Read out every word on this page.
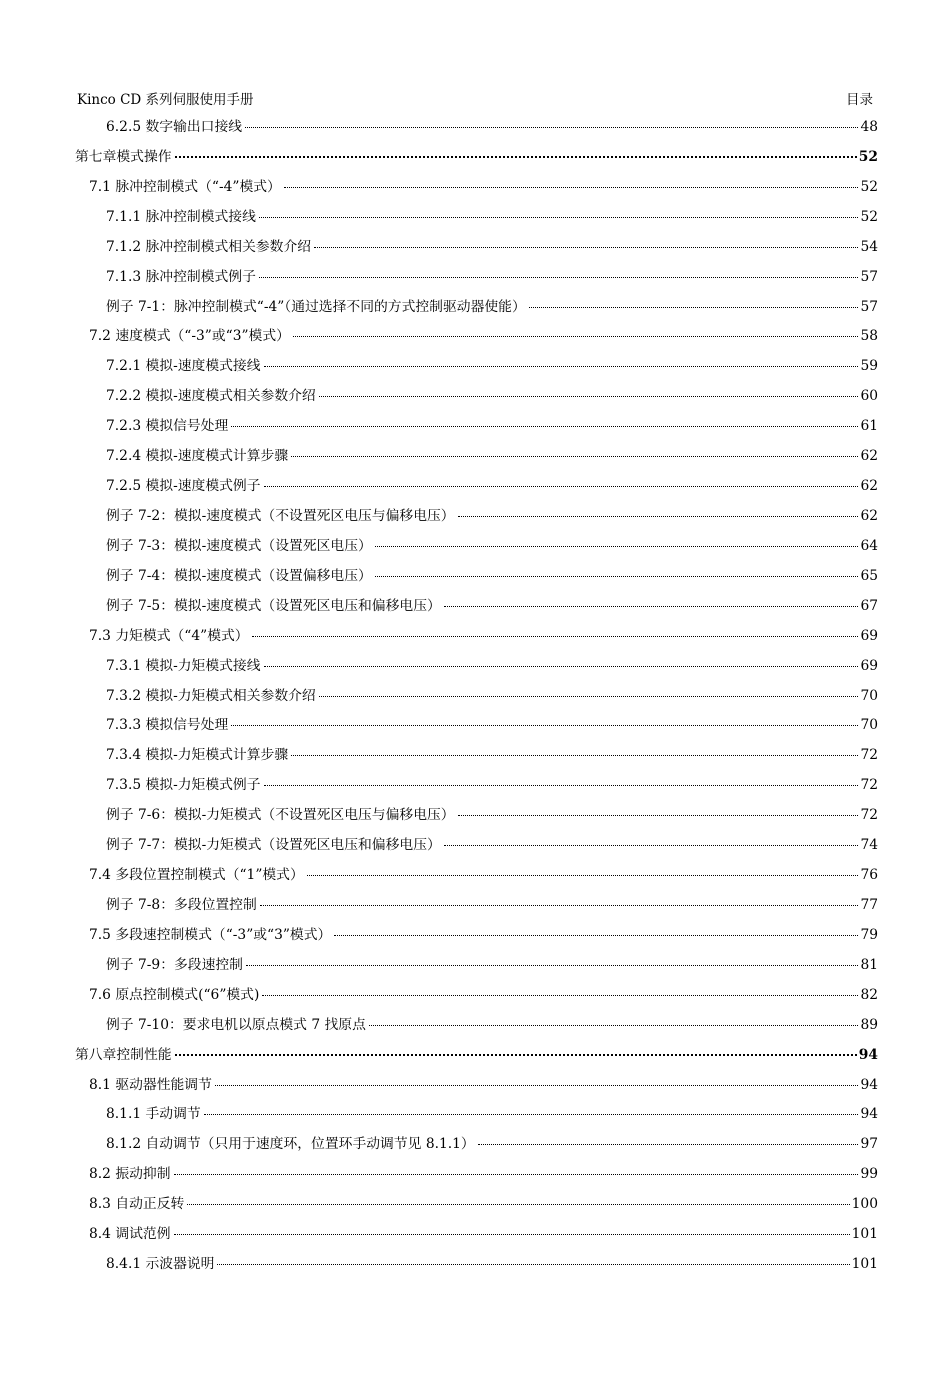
Kinco CD 系列伺服使用手册	目录
6.2.5 数字输出口接线	48
第七章模式操作	52
7.1 脉冲控制模式（“-4”模式）	52
7.1.1 脉冲控制模式接线	52
7.1.2 脉冲控制模式相关参数介绍	54
7.1.3 脉冲控制模式例子	57
例子 7-1：脉冲控制模式“-4”（通过选择不同的方式控制驱动器使能）	57
7.2 速度模式（“-3”或“3”模式）	58
7.2.1 模拟-速度模式接线	59
7.2.2 模拟-速度模式相关参数介绍	60
7.2.3 模拟信号处理	61
7.2.4 模拟-速度模式计算步骤	62
7.2.5 模拟-速度模式例子	62
例子 7-2：模拟-速度模式（不设置死区电压与偏移电压）	62
例子 7-3：模拟-速度模式（设置死区电压）	64
例子 7-4：模拟-速度模式（设置偏移电压）	65
例子 7-5：模拟-速度模式（设置死区电压和偏移电压）	67
7.3 力矩模式（“4”模式）	69
7.3.1 模拟-力矩模式接线	69
7.3.2 模拟-力矩模式相关参数介绍	70
7.3.3 模拟信号处理	70
7.3.4 模拟-力矩模式计算步骤	72
7.3.5 模拟-力矩模式例子	72
例子 7-6：模拟-力矩模式（不设置死区电压与偏移电压）	72
例子 7-7：模拟-力矩模式（设置死区电压和偏移电压）	74
7.4 多段位置控制模式（“1”模式）	76
例子 7-8：多段位置控制	77
7.5 多段速控制模式（“-3”或“3”模式）	79
例子 7-9：多段速控制	81
7.6 原点控制模式(“6”模式)	82
例子 7-10：要求电机以原点模式 7 找原点	89
第八章控制性能	94
8.1 驱动器性能调节	94
8.1.1 手动调节	94
8.1.2 自动调节（只用于速度环，位置环手动调节见 8.1.1）	97
8.2 振动抑制	99
8.3 自动正反转	100
8.4 调试范例	101
8.4.1 示波器说明	101
